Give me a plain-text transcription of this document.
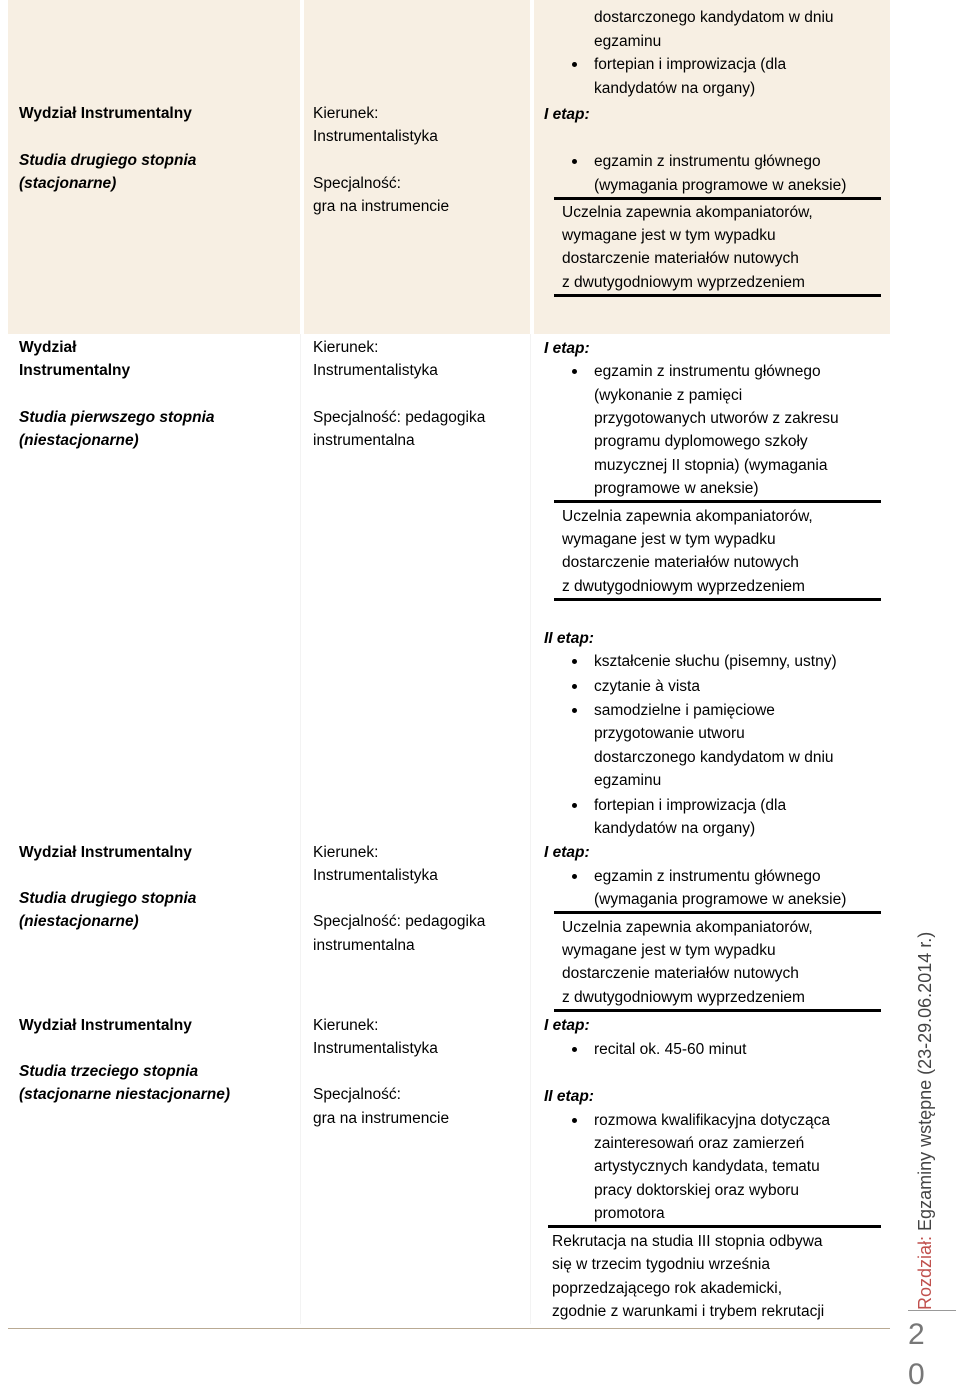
Wydział Instrumentalny
Studia drugiego stopnia
(stacjonarne)
Kierunek:
Instrumentalistyka
Specjalność:
gra na instrumencie
dostarczonego kandydatom w dniu
egzaminu
fortepian i improwizacja (dla
kandydatów na organy)
I etap:
egzamin z instrumentu głównego
(wymagania programowe w aneksie)
Uczelnia zapewnia akompaniatorów,
wymagane jest w tym wypadku
dostarczenie materiałów nutowych
z dwutygodniowym wyprzedzeniem
Wydział
Instrumentalny
Studia pierwszego stopnia
(niestacjonarne)
Kierunek:
Instrumentalistyka
Specjalność: pedagogika
instrumentalna
I etap:
egzamin z instrumentu głównego
(wykonanie z pamięci
przygotowanych utworów z zakresu
programu dyplomowego szkoły
muzycznej II stopnia) (wymagania
programowe w aneksie)
Uczelnia zapewnia akompaniatorów,
wymagane jest w tym wypadku
dostarczenie materiałów nutowych
z dwutygodniowym wyprzedzeniem
II etap:
kształcenie słuchu (pisemny, ustny)
czytanie à vista
samodzielne i pamięciowe
przygotowanie utworu
dostarczonego kandydatom w dniu
egzaminu
fortepian i improwizacja (dla
kandydatów na organy)
Wydział Instrumentalny
Studia drugiego stopnia
(niestacjonarne)
Kierunek:
Instrumentalistyka
Specjalność: pedagogika
instrumentalna
I etap:
egzamin z instrumentu głównego
(wymagania programowe w aneksie)
Uczelnia zapewnia akompaniatorów,
wymagane jest w tym wypadku
dostarczenie materiałów nutowych
z dwutygodniowym wyprzedzeniem
Wydział Instrumentalny
Studia trzeciego stopnia
(stacjonarne niestacjonarne)
Kierunek:
Instrumentalistyka
Specjalność:
gra na instrumencie
I etap:
recital ok. 45-60 minut
II etap:
rozmowa kwalifikacyjna dotycząca
zainteresowań oraz zamierzeń
artystycznych kandydata, tematu
pracy doktorskiej oraz wyboru
promotora
Rekrutacja na studia III stopnia odbywa
się w trzecim tygodniu września
poprzedzającego rok akademicki,
zgodnie z warunkami i trybem rekrutacji
Rozdział: Egzaminy wstępne (23-29.06.2014 r.)
2
0
